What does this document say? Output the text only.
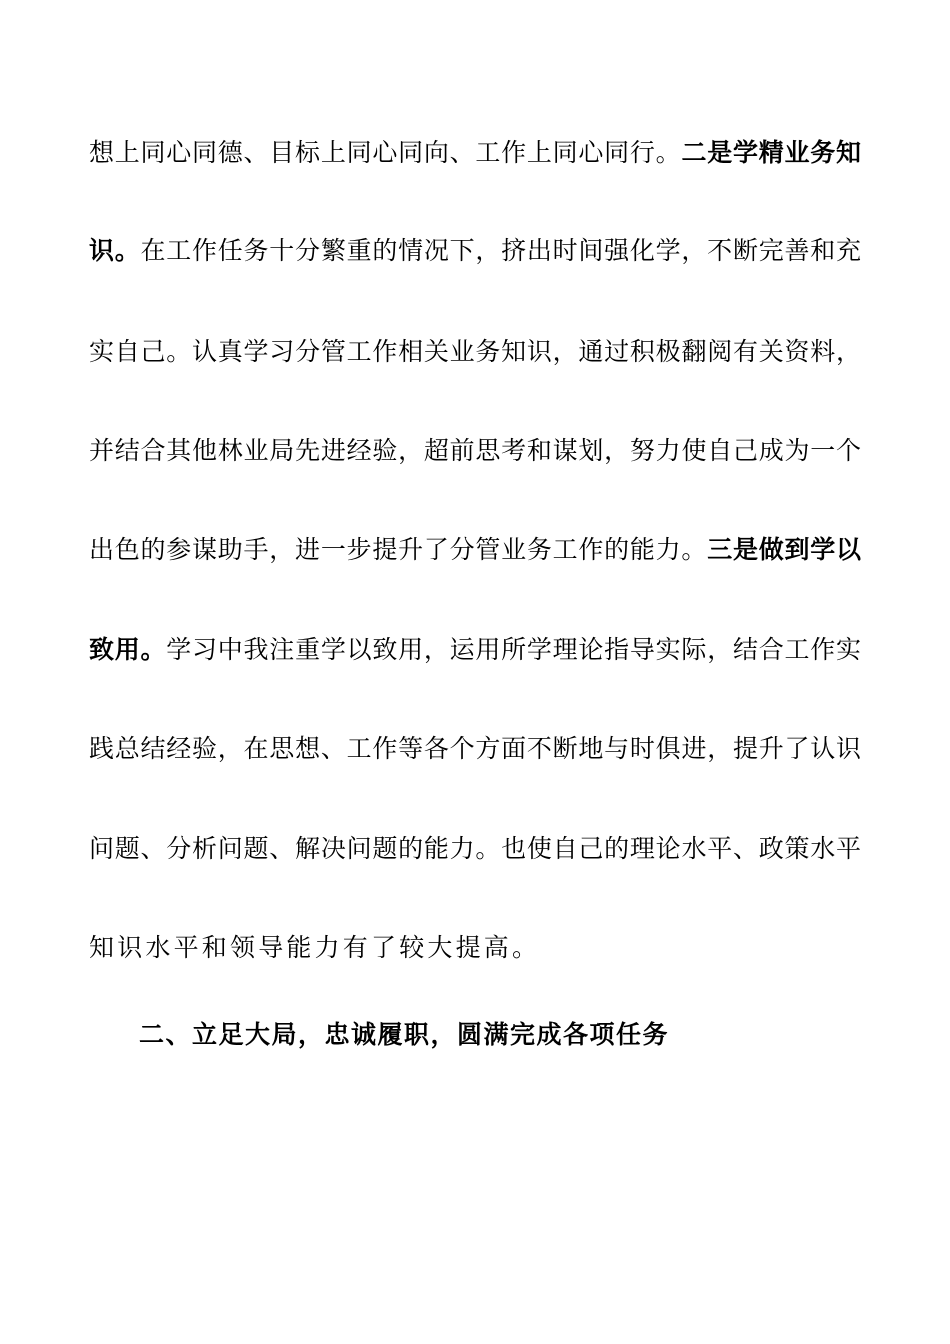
想上同心同德、目标上同心同向、工作上同心同行。二是学精业务知
识。在工作任务十分繁重的情况下，挤出时间强化学，不断完善和充
实自己。认真学习分管工作相关业务知识，通过积极翻阅有关资料，
并结合其他林业局先进经验，超前思考和谋划，努力使自己成为一个
出色的参谋助手，进一步提升了分管业务工作的能力。三是做到学以
致用。学习中我注重学以致用，运用所学理论指导实际，结合工作实
践总结经验，在思想、工作等各个方面不断地与时俱进，提升了认识
问题、分析问题、解决问题的能力。也使自己的理论水平、政策水平
知识水平和领导能力有了较大提高。
二、立足大局，忠诚履职，圆满完成各项任务
